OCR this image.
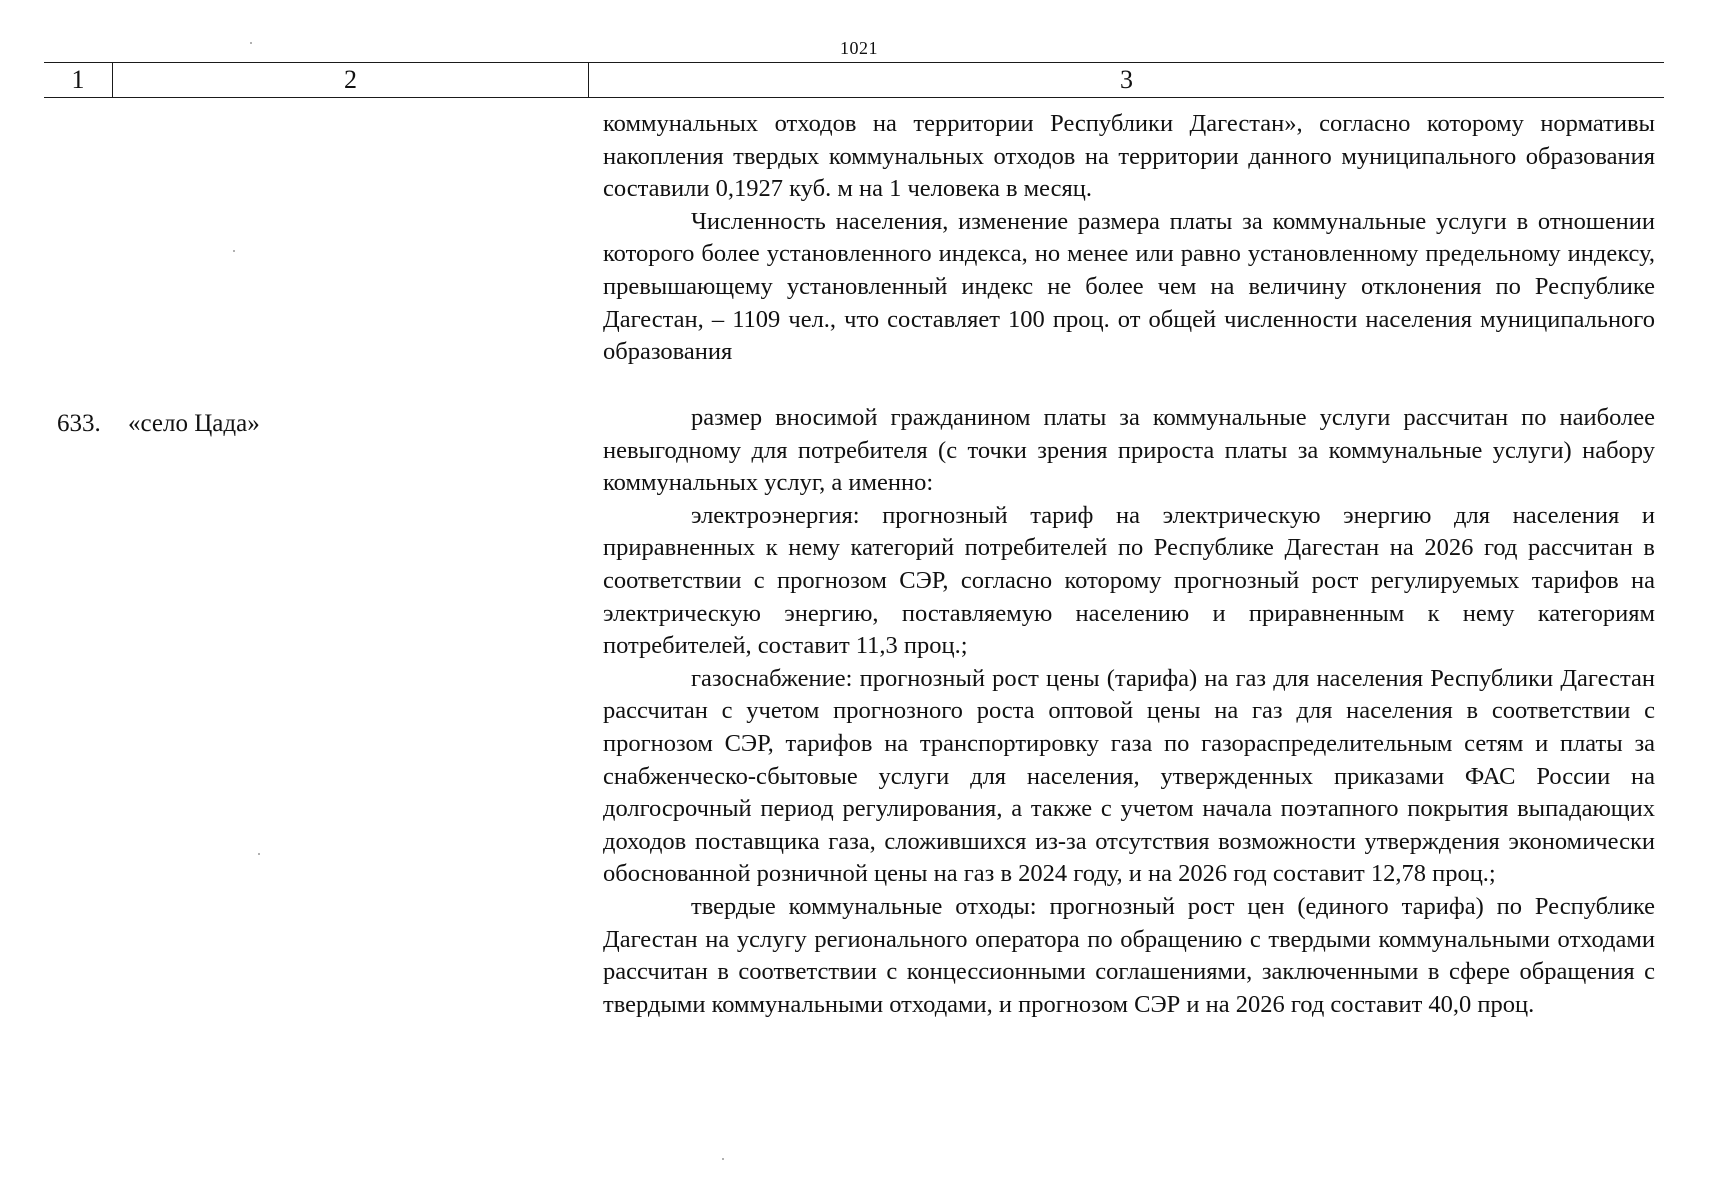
1021
1	2	3

коммунальных отходов на территории Республики Дагестан», согласно которому нормативы накопления твердых коммунальных отходов на территории данного муниципального образования составили 0,1927 куб. м на 1 человека в месяц.

Численность населения, изменение размера платы за коммунальные услуги в отношении которого более установленного индекса, но менее или равно установленному предельному индексу, превышающему установленный индекс не более чем на величину отклонения по Республике Дагестан, – 1109 чел., что составляет 100 проц. от общей численности населения муниципального образования

633. «село Цада»	размер вносимой гражданином платы за коммунальные услуги рассчитан по наиболее невыгодному для потребителя (с точки зрения прироста платы за коммунальные услуги) набору коммунальных услуг, а именно:

электроэнергия: прогнозный тариф на электрическую энергию для населения и приравненных к нему категорий потребителей по Республике Дагестан на 2026 год рассчитан в соответствии с прогнозом СЭР, согласно которому прогнозный рост регулируемых тарифов на электрическую энергию, поставляемую населению и приравненным к нему категориям потребителей, составит 11,3 проц.;

газоснабжение: прогнозный рост цены (тарифа) на газ для населения Республики Дагестан рассчитан с учетом прогнозного роста оптовой цены на газ для населения в соответствии с прогнозом СЭР, тарифов на транспортировку газа по газораспределительным сетям и платы за снабженческо-сбытовые услуги для населения, утвержденных приказами ФАС России на долгосрочный период регулирования, а также с учетом начала поэтапного покрытия выпадающих доходов поставщика газа, сложившихся из-за отсутствия возможности утверждения экономически обоснованной розничной цены на газ в 2024 году, и на 2026 год составит 12,78 проц.;

твердые коммунальные отходы: прогнозный рост цен (единого тарифа) по Республике Дагестан на услугу регионального оператора по обращению с твердыми коммунальными отходами рассчитан в соответствии с концессионными соглашениями, заключенными в сфере обращения с твердыми коммунальными отходами, и прогнозом СЭР и на 2026 год составит 40,0 проц.
